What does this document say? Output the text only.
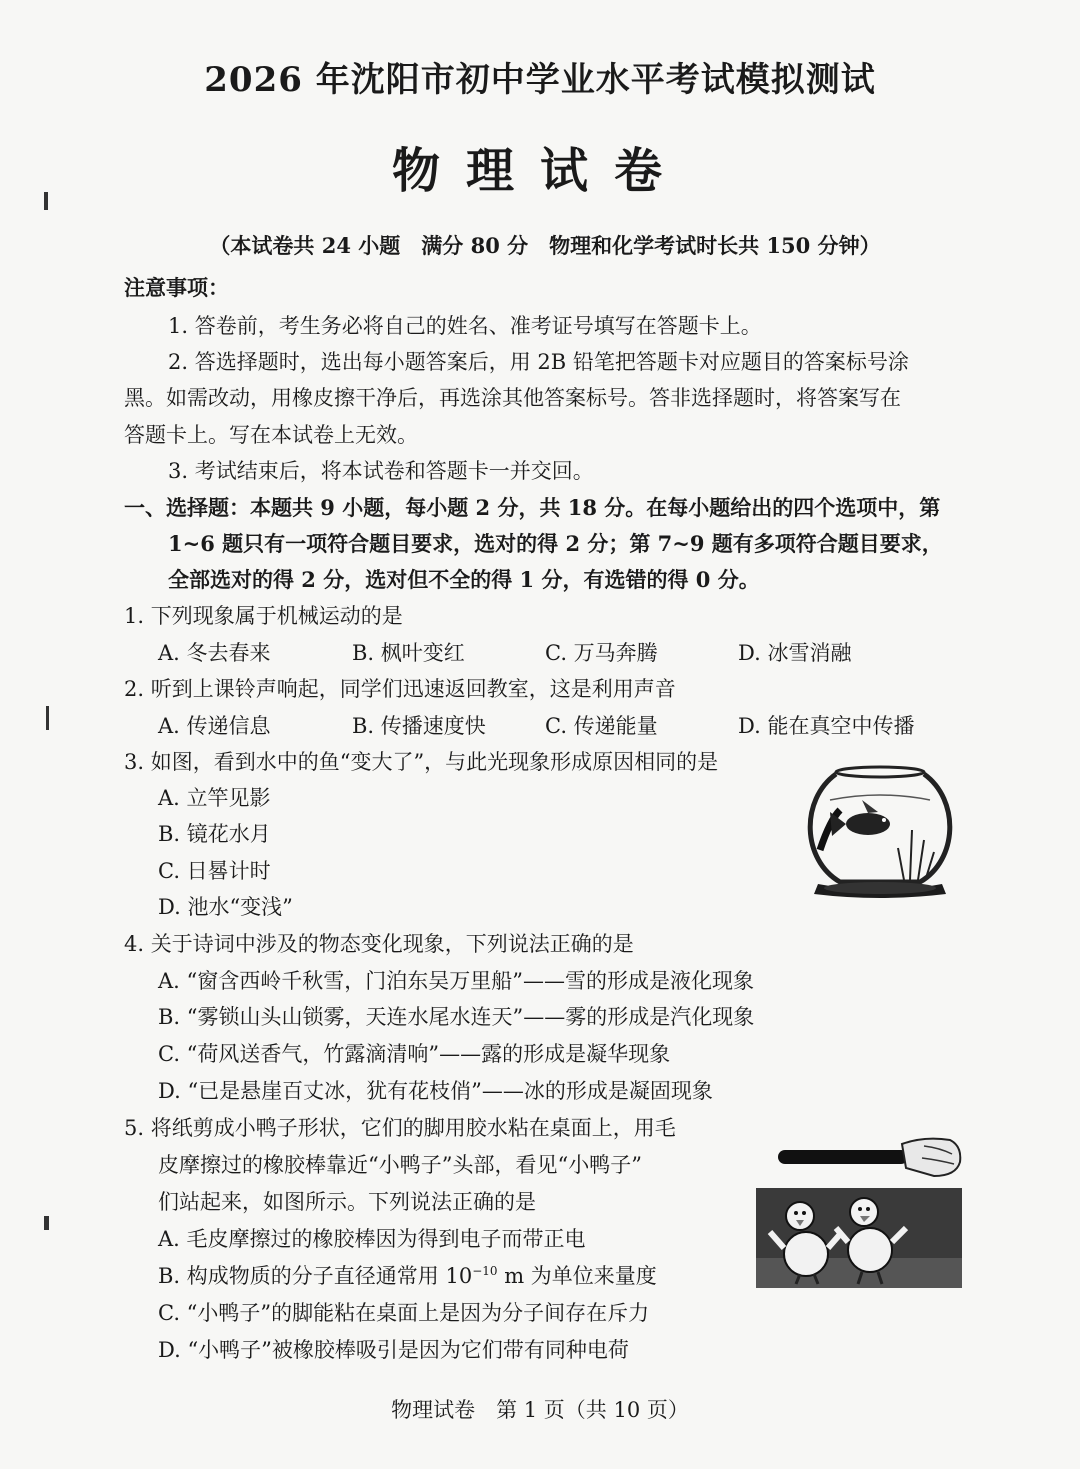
2026 年沈阳市初中学业水平考试模拟测试
物理试卷
（本试卷共 24 小题　满分 80 分　物理和化学考试时长共 150 分钟）
注意事项：
1. 答卷前，考生务必将自己的姓名、准考证号填写在答题卡上。
2. 答选择题时，选出每小题答案后，用 2B 铅笔把答题卡对应题目的答案标号涂
黑。如需改动，用橡皮擦干净后，再选涂其他答案标号。答非选择题时，将答案写在
答题卡上。写在本试卷上无效。
3. 考试结束后，将本试卷和答题卡一并交回。
一、选择题：本题共 9 小题，每小题 2 分，共 18 分。在每小题给出的四个选项中，第
1~6 题只有一项符合题目要求，选对的得 2 分；第 7~9 题有多项符合题目要求，
全部选对的得 2 分，选对但不全的得 1 分，有选错的得 0 分。
1. 下列现象属于机械运动的是
A. 冬去春来	B. 枫叶变红	C. 万马奔腾	D. 冰雪消融
2. 听到上课铃声响起，同学们迅速返回教室，这是利用声音
A. 传递信息	B. 传播速度快	C. 传递能量	D. 能在真空中传播
3. 如图，看到水中的鱼“变大了”，与此光现象形成原因相同的是
A. 立竿见影
B. 镜花水月
C. 日晷计时
D. 池水“变浅”
4. 关于诗词中涉及的物态变化现象，下列说法正确的是
A. “窗含西岭千秋雪，门泊东吴万里船”——雪的形成是液化现象
B. “雾锁山头山锁雾，天连水尾水连天”——雾的形成是汽化现象
C. “荷风送香气，竹露滴清响”——露的形成是凝华现象
D. “已是悬崖百丈冰，犹有花枝俏”——冰的形成是凝固现象
5. 将纸剪成小鸭子形状，它们的脚用胶水粘在桌面上，用毛
皮摩擦过的橡胶棒靠近“小鸭子”头部，看见“小鸭子”
们站起来，如图所示。下列说法正确的是
A. 毛皮摩擦过的橡胶棒因为得到电子而带正电
B. 构成物质的分子直径通常用 $10^{-10}$ m 为单位来量度
C. “小鸭子”的脚能粘在桌面上是因为分子间存在斥力
D. “小鸭子”被橡胶棒吸引是因为它们带有同种电荷
物理试卷　第 1 页（共 10 页）
